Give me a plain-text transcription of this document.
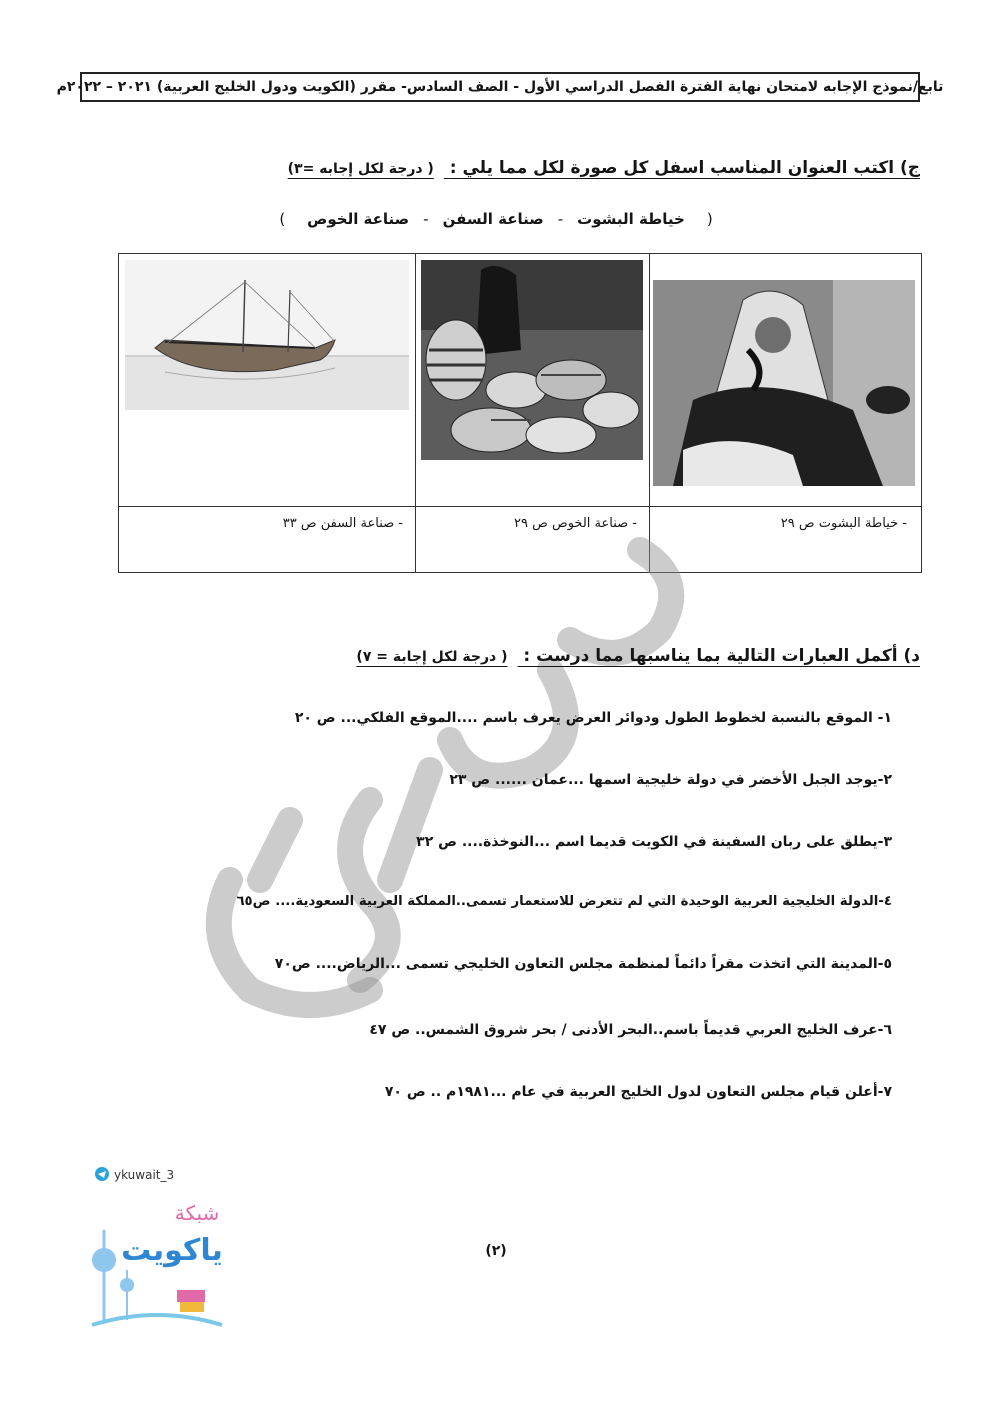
تابع/نموذج الإجابه لامتحان نهاية الفترة الفصل الدراسي الأول - الصف السادس- مقرر (الكويت ودول الخليج العربية) ٢٠٢١ – ٢٠٢٢م
ج) اكتب العنوان المناسب اسفل كل صورة لكل مما يلي : ( درجة لكل إجابه =٣)
(خياطة البشوت-صناعة السفن-صناعة الخوص)
- خياطة البشوت ص ٢٩
- صناعة الخوص ص ٢٩
- صناعة السفن ص ٣٣
نموذج الإجابة
د) أكمل العبارات التالية بما يناسبها مما درست : ( درجة لكل إجابة = ٧)
١- الموقع بالنسبة لخطوط الطول ودوائر العرض يعرف باسم ....الموقع الفلكي... ص ٢٠
٢-يوجد الجبل الأخضر في دولة خليجية اسمها ...عمان ...... ص ٢٣
٣-يطلق على ربان السفينة في الكويت قديما اسم ...النوخذة.... ص ٣٢
٤-الدولة الخليجية العربية الوحيدة التي لم تتعرض للاستعمار تسمى..المملكة العربية السعودية.... ص٦٥
٥-المدينة التي اتخذت مقراً دائماً لمنظمة مجلس التعاون الخليجي تسمى ...الرياض.... ص٧٠
٦-عرف الخليج العربي قديماً باسم..البحر الأدنى / بحر شروق الشمس.. ص ٤٧
٧-أعلن قيام مجلس التعاون لدول الخليج العربية في عام ...١٩٨١م .. ص ٧٠
(٢)
ykuwait_3
شبكة
ياكويت
